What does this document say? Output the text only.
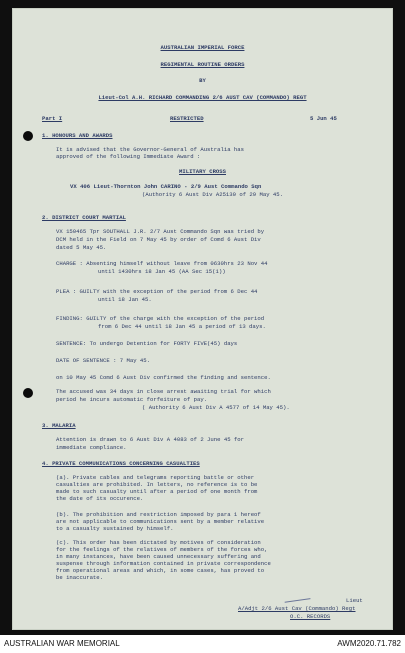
AUSTRALIAN IMPERIAL FORCE
REGIMENTAL ROUTINE ORDERS
BY
Lieut-Col A.H. RICHARD COMMANDING 2/6 AUST CAV (COMMANDO) REGT
Part I	RESTRICTED	5 Jun 45
1. HONOURS AND AWARDS
It is advised that the Governor-General of Australia has
approved of the following Immediate Award :
MILITARY CROSS
VX 406 Lieut-Thornton John CARINO - 2/9 Aust Commando Sqn
(Authority 6 Aust Div A25130 of 29 May 45.
2. DISTRICT COURT MARTIAL
VX 150465 Tpr SOUTHALL J.R. 2/7 Aust Commando Sqn was tried by
DCM held in the Field on 7 May 45 by order of Comd 6 Aust Div
dated 5 May 45.
CHARGE : Absenting himself without leave from 0630hrs 23 Nov 44
until 1430hrs 18 Jan 45 (AA Sec 15(1))
PLEA : GUILTY with the exception of the period from 6 Dec 44
until 18 Jan 45.
FINDING: GUILTY of the charge with the exception of the period
from 6 Dec 44 until 18 Jan 45 a period of 13 days.
SENTENCE: To undergo Detention for FORTY FIVE(45) days
DATE OF SENTENCE : 7 May 45.
on 10 May 45 Comd 6 Aust Div confirmed the finding and sentence.
The accused was 34 days in close arrest awaiting trial for which
period he incurs automatic forfeiture of pay.
( Authority 6 Aust Div A 4577 of 14 May 45).
3. MALARIA
Attention is drawn to 6 Aust Div A 4083 of 2 June 45 for
immediate compliance.
4. PRIVATE COMMUNICATIONS CONCERNING CASUALTIES
(a). Private cables and telegrams reporting battle or other
casualties are prohibited. In letters, no reference is to be
made to such casualty until after a period of one month from
the date of its occurence.
(b). The prohibition and restriction imposed by para 1 hereof
are not applicable to communications sent by a member relative
to a casualty sustained by himself.
(c). This order has been dictated by motives of consideration
for the feelings of the relatives of members of the forces who,
in many instances, have been caused unnecessary suffering and
suspense through information contained in private correspondence
from operational areas and which, in some cases, has proved to
be inaccurate.
Lieut
A/Adjt 2/6 Aust Cav (Commando) Regt
O.C. RECORDS
AUSTRALIAN WAR MEMORIAL	AWM2020.71.782
